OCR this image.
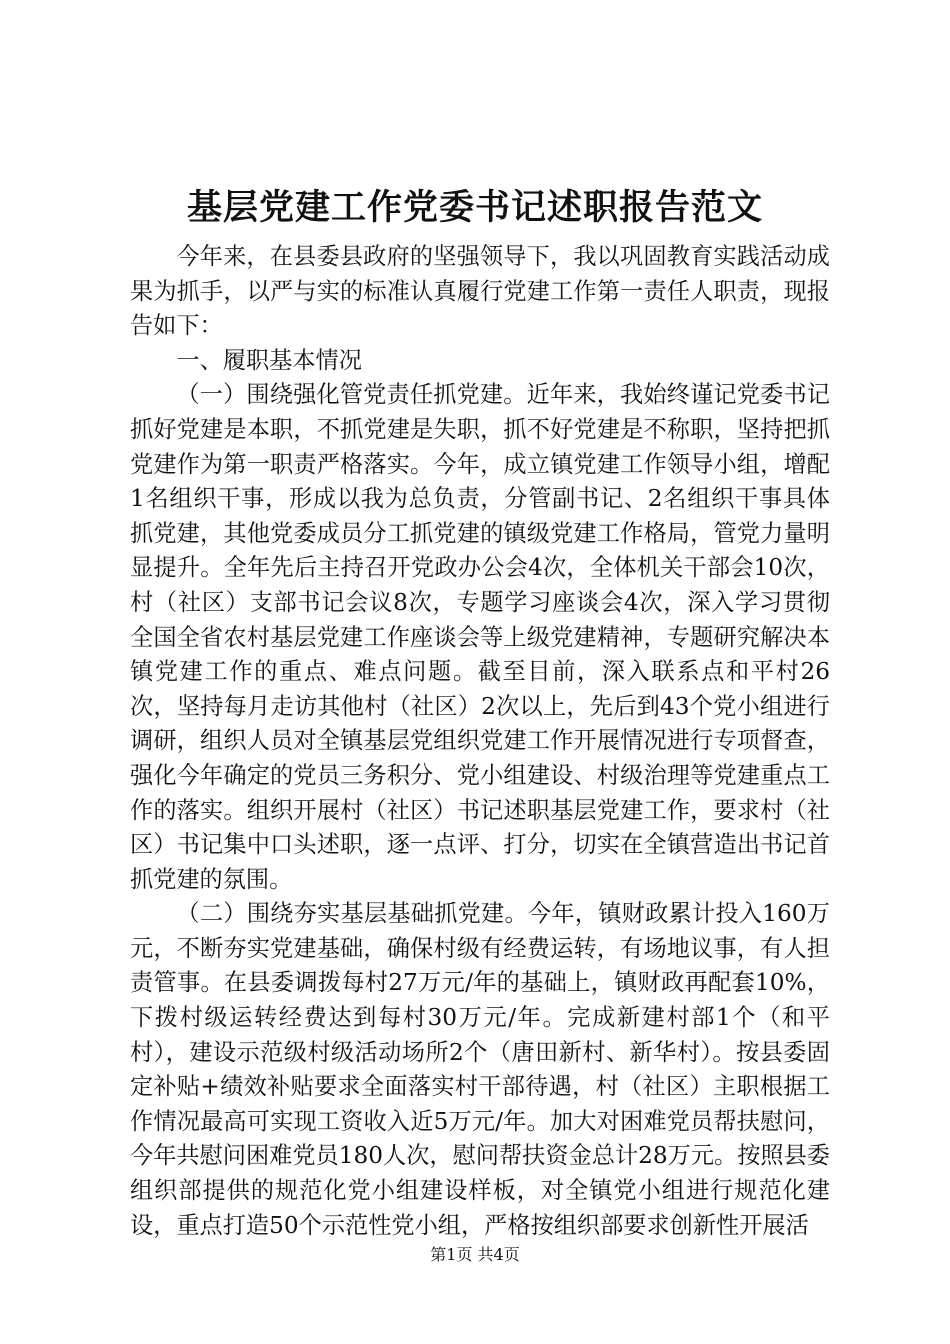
基层党建工作党委书记述职报告范文

今年来，在县委县政府的坚强领导下，我以巩固教育实践活动成果为抓手，以严与实的标准认真履行党建工作第一责任人职责，现报告如下：

一、履职基本情况

（一）围绕强化管党责任抓党建。近年来，我始终谨记党委书记抓好党建是本职，不抓党建是失职，抓不好党建是不称职，坚持把抓党建作为第一职责严格落实。今年，成立镇党建工作领导小组，增配1名组织干事，形成以我为总负责，分管副书记、2名组织干事具体抓党建，其他党委成员分工抓党建的镇级党建工作格局，管党力量明显提升。全年先后主持召开党政办公会4次，全体机关干部会10次，村（社区）支部书记会议8次，专题学习座谈会4次，深入学习贯彻全国全省农村基层党建工作座谈会等上级党建精神，专题研究解决本镇党建工作的重点、难点问题。截至目前，深入联系点和平村26次，坚持每月走访其他村（社区）2次以上，先后到43个党小组进行调研，组织人员对全镇基层党组织党建工作开展情况进行专项督查，强化今年确定的党员三务积分、党小组建设、村级治理等党建重点工作的落实。组织开展村（社区）书记述职基层党建工作，要求村（社区）书记集中口头述职，逐一点评、打分，切实在全镇营造出书记首抓党建的氛围。

（二）围绕夯实基层基础抓党建。今年，镇财政累计投入160万元，不断夯实党建基础，确保村级有经费运转，有场地议事，有人担责管事。在县委调拨每村27万元/年的基础上，镇财政再配套10%，下拨村级运转经费达到每村30万元/年。完成新建村部1个（和平村），建设示范级村级活动场所2个（唐田新村、新华村）。按县委固定补贴+绩效补贴要求全面落实村干部待遇，村（社区）主职根据工作情况最高可实现工资收入近5万元/年。加大对困难党员帮扶慰问，今年共慰问困难党员180人次，慰问帮扶资金总计28万元。按照县委组织部提供的规范化党小组建设样板，对全镇党小组进行规范化建设，重点打造50个示范性党小组，严格按组织部要求创新性开展活

第1页 共4页
